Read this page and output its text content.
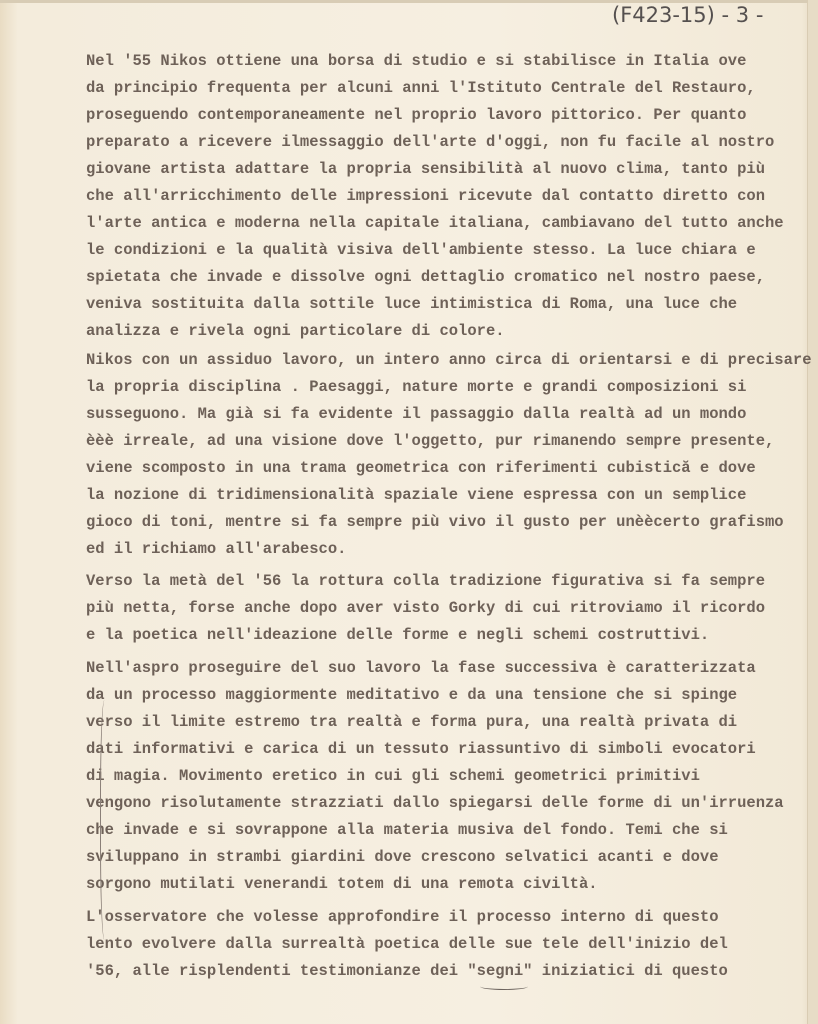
(F423-15) - 3 -
Nel '55 Nikos ottiene una borsa di studio e si stabilisce in Italia ove
da principio frequenta per alcuni anni l'Istituto Centrale del Restauro,
proseguendo contemporaneamente nel proprio lavoro pittorico. Per quanto
preparato a ricevere ilmessaggio dell'arte d'oggi, non fu facile al nostro
giovane artista adattare la propria sensibilità al nuovo clima, tanto più
che all'arricchimento delle impressioni ricevute dal contatto diretto con
l'arte antica e moderna nella capitale italiana, cambiavano del tutto anche
le condizioni e la qualità visiva dell'ambiente stesso. La luce chiara e
spietata che invade e dissolve ogni dettaglio cromatico nel nostro paese,
veniva sostituita dalla sottile luce intimistica di Roma, una luce che
analizza e rivela ogni particolare di colore.
Nikos con un assiduo lavoro, un intero anno circa di orientarsi e di precisare
la propria disciplina . Paesaggi, nature morte e grandi composizioni si
susseguono. Ma già si fa evidente il passaggio dalla realtà ad un mondo
èèè irreale, ad una visione dove l'oggetto, pur rimanendo sempre presente,
viene scomposto in una trama geometrica con riferimenti cubistică e dove
la nozione di tridimensionalità spaziale viene espressa con un semplice
gioco di toni, mentre si fa sempre più vivo il gusto per unèècerto grafismo
ed il richiamo all'arabesco.
Verso la metà del '56 la rottura colla tradizione figurativa si fa sempre
più netta, forse anche dopo aver visto Gorky di cui ritroviamo il ricordo
e la poetica nell'ideazione delle forme e negli schemi costruttivi.
Nell'aspro proseguire del suo lavoro la fase successiva è caratterizzata
da un processo maggiormente meditativo e da una tensione che si spinge
verso il limite estremo tra realtà e forma pura, una realtà privata di
dati informativi e carica di un tessuto riassuntivo di simboli evocatori
di magia. Movimento eretico in cui gli schemi geometrici primitivi
vengono risolutamente strazziati dallo spiegarsi delle forme di un'irruenza
che invade e si sovrappone alla materia musiva del fondo. Temi che si
sviluppano in strambi giardini dove crescono selvatici acanti e dove
sorgono mutilati venerandi totem di una remota civiltà.
L'osservatore che volesse approfondire il processo interno di questo
lento evolvere dalla surrealtà poetica delle sue tele dell'inizio del
'56, alle risplendenti testimonianze dei "segni" iniziatici di questo
